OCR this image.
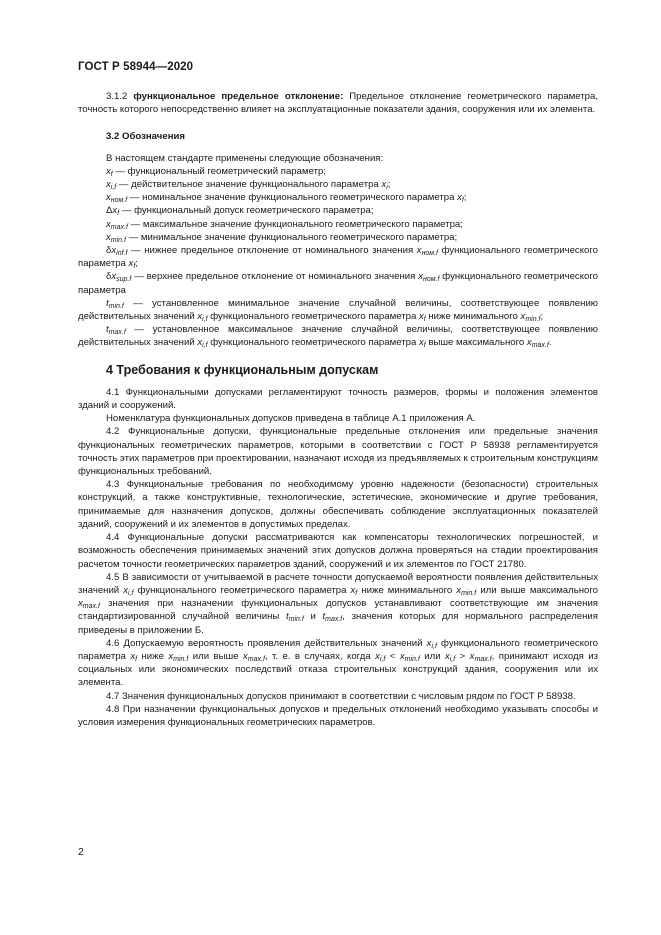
ГОСТ Р 58944—2020

3.1.2 функциональное предельное отклонение: Предельное отклонение геометрического параметра, точность которого непосредственно влияет на эксплуатационные показатели здания, сооружения или их элемента.

3.2 Обозначения

В настоящем стандарте применены следующие обозначения:

$x_f$ — функциональный геометрический параметр;

$x_{i,f}$ — действительное значение функционального параметра $x_i$;

$x_{ном.f}$ — номинальное значение функционального геометрического параметра $x_f$;

$\Delta x_f$ — функциональный допуск геометрического параметра;

$x_{max.f}$ — максимальное значение функционального геометрического параметра;

$x_{min.f}$ — минимальное значение функционального геометрического параметра;

$\delta x_{inf.f}$ — нижнее предельное отклонение от номинального значения $x_{ном.f}$ функционального геометрического параметра $x_f$;

$\delta x_{sup.f}$ — верхнее предельное отклонение от номинального значения $x_{ном.f}$ функционального геометрического параметра

$t_{min.f}$ — установленное минимальное значение случайной величины, соответствующее появлению действительных значений $x_{i,f}$ функционального геометрического параметра $x_f$ ниже минимального $x_{min.f}$;

$t_{max.f}$ — установленное максимальное значение случайной величины, соответствующее появлению действительных значений $x_{i,f}$ функционального геометрического параметра $x_f$ выше максимального $x_{max.f}$.

4 Требования к функциональным допускам

4.1 Функциональными допусками регламентируют точность размеров, формы и положения элементов зданий и сооружений.

Номенклатура функциональных допусков приведена в таблице А.1 приложения А.

4.2 Функциональные допуски, функциональные предельные отклонения или предельные значения функциональных геометрических параметров, которыми в соответствии с ГОСТ Р 58938 регламентируется точность этих параметров при проектировании, назначают исходя из предъявляемых к строительным конструкциям функциональных требований.

4.3 Функциональные требования по необходимому уровню надежности (безопасности) строительных конструкций, а также конструктивные, технологические, эстетические, экономические и другие требования, принимаемые для назначения допусков, должны обеспечивать соблюдение эксплуатационных показателей зданий, сооружений и их элементов в допустимых пределах.

4.4 Функциональные допуски рассматриваются как компенсаторы технологических погрешностей, и возможность обеспечения принимаемых значений этих допусков должна проверяться на стадии проектирования расчетом точности геометрических параметров зданий, сооружений и их элементов по ГОСТ 21780.

4.5 В зависимости от учитываемой в расчете точности допускаемой вероятности появления действительных значений $x_{i,f}$ функционального геометрического параметра $x_f$ ниже минимального $x_{min.f}$ или выше максимального $x_{max.f}$ значения при назначении функциональных допусков устанавливают соответствующие им значения стандартизированной случайной величины $t_{min.f}$ и $t_{max.f}$, значения которых для нормального распределения приведены в приложении Б.

4.6 Допускаемую вероятность проявления действительных значений $x_{i,f}$ функционального геометрического параметра $x_f$ ниже $x_{min.f}$ или выше $x_{max.f}$, т. е. в случаях, когда $x_{i,f} < x_{min.f}$ или $x_{i,f} > x_{max.f}$, принимают исходя из социальных или экономических последствий отказа строительных конструкций здания, сооружения или их элемента.

4.7 Значения функциональных допусков принимают в соответствии с числовым рядом по ГОСТ Р 58938.

4.8 При назначении функциональных допусков и предельных отклонений необходимо указывать способы и условия измерения функциональных геометрических параметров.

2
